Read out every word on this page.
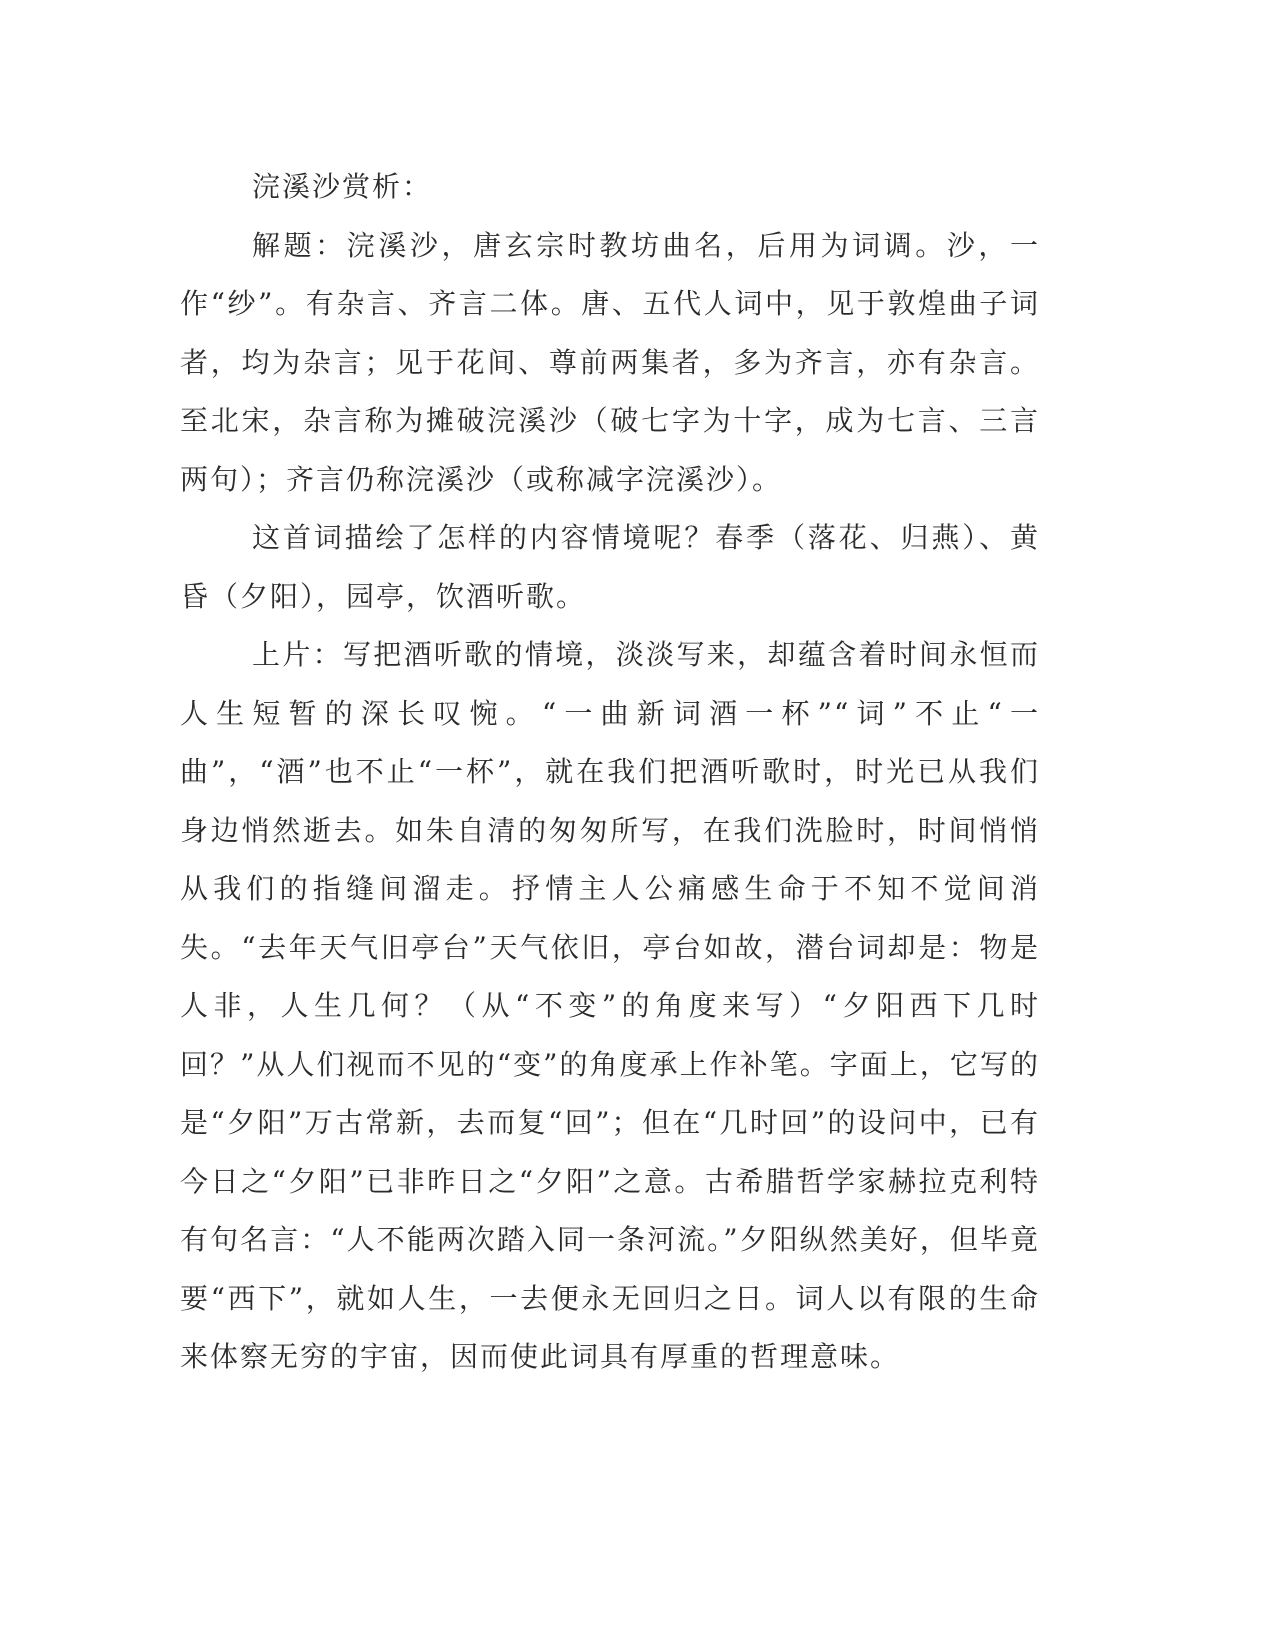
浣溪沙赏析：

解题：浣溪沙，唐玄宗时教坊曲名，后用为词调。沙，一作“纱”。有杂言、齐言二体。唐、五代人词中，见于敦煌曲子词者，均为杂言；见于花间、尊前两集者，多为齐言，亦有杂言。至北宋，杂言称为摊破浣溪沙（破七字为十字，成为七言、三言两句）；齐言仍称浣溪沙（或称减字浣溪沙）。

这首词描绘了怎样的内容情境呢？春季（落花、归燕）、黄昏（夕阳），园亭，饮酒听歌。

上片：写把酒听歌的情境，淡淡写来，却蕴含着时间永恒而人生短暂的深长叹惋。“一曲新词酒一杯”“词”不止“一曲”，“酒”也不止“一杯”，就在我们把酒听歌时，时光已从我们身边悄然逝去。如朱自清的匆匆所写，在我们洗脸时，时间悄悄从我们的指缝间溜走。抒情主人公痛感生命于不知不觉间消失。“去年天气旧亭台”天气依旧，亭台如故，潜台词却是：物是人非，人生几何？（从“不变”的角度来写）“夕阳西下几时回？”从人们视而不见的“变”的角度承上作补笔。字面上，它写的是“夕阳”万古常新，去而复“回”；但在“几时回”的设问中，已有今日之“夕阳”已非昨日之“夕阳”之意。古希腊哲学家赫拉克利特有句名言：“人不能两次踏入同一条河流。”夕阳纵然美好，但毕竟要“西下”，就如人生，一去便永无回归之日。词人以有限的生命来体察无穷的宇宙，因而使此词具有厚重的哲理意味。
